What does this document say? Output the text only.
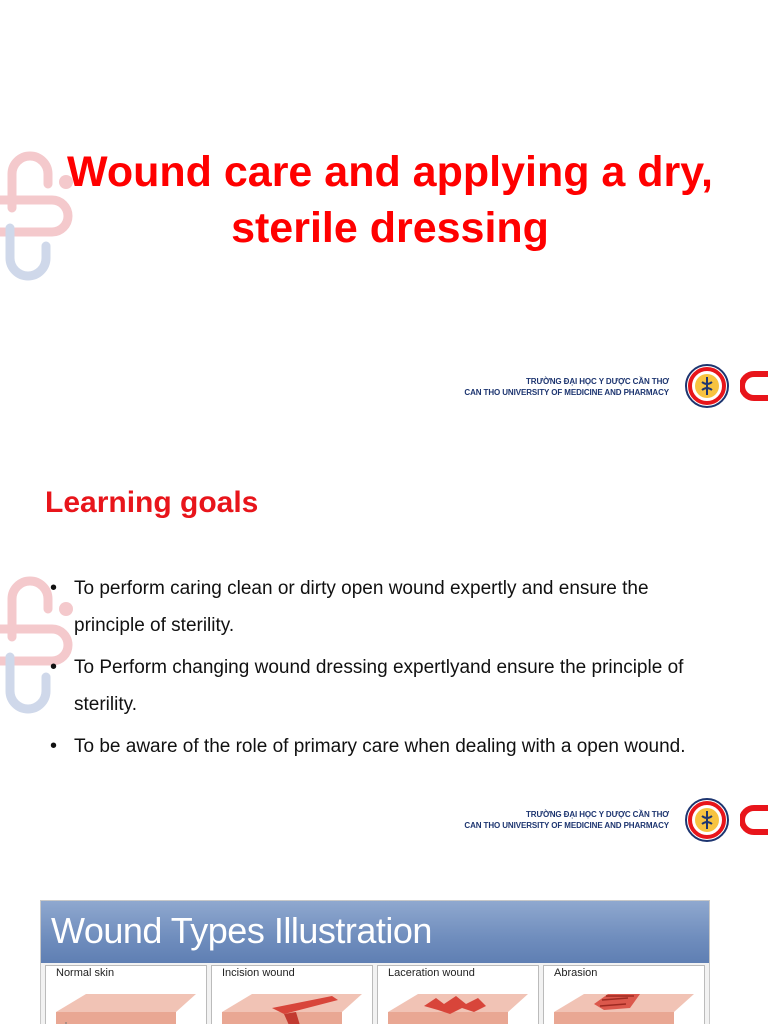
Wound care and applying a dry, sterile dressing
TRƯỜNG ĐẠI HỌC Y DƯỢC CẦN THƠ
CAN THO UNIVERSITY OF MEDICINE AND PHARMACY
Learning goals
• To perform caring clean or dirty open wound expertly and ensure the principle of sterility.
• To Perform changing wound dressing expertlyand ensure the principle of sterility.
• To be aware of the role of primary care when dealing with a open wound.
TRƯỜNG ĐẠI HỌC Y DƯỢC CẦN THƠ
CAN THO UNIVERSITY OF MEDICINE AND PHARMACY
Wound Types Illustration
Normal skin	Incision wound	Laceration wound	Abrasion
